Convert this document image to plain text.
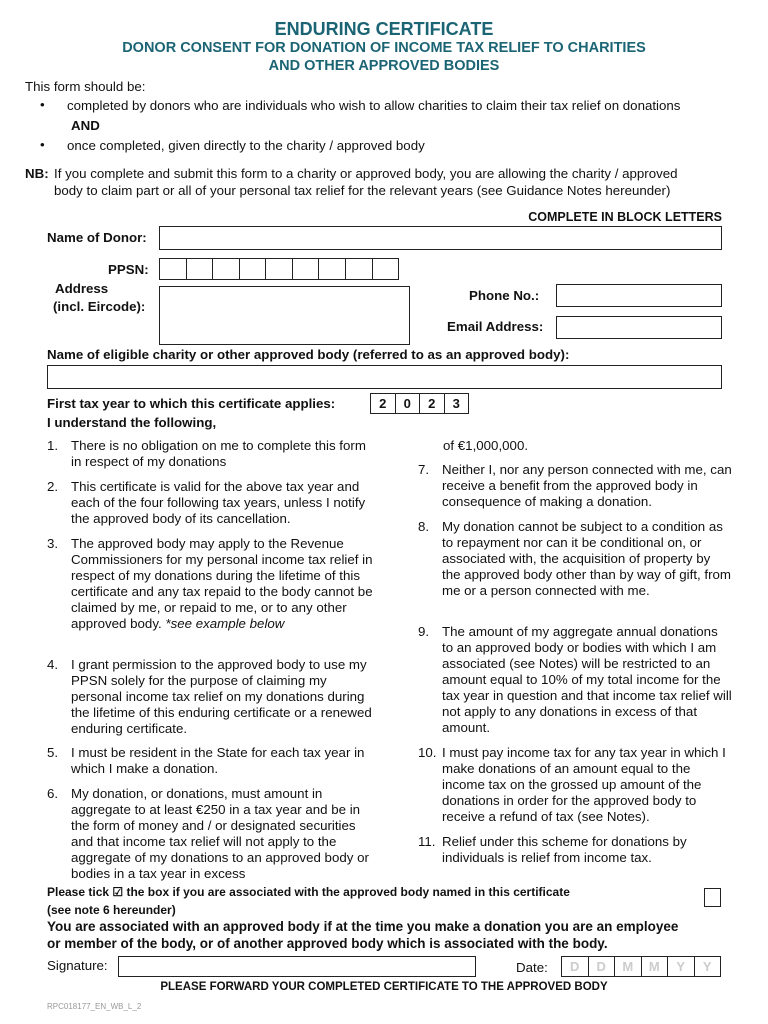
ENDURING CERTIFICATE
DONOR CONSENT FOR DONATION OF INCOME TAX RELIEF TO CHARITIES
AND OTHER APPROVED BODIES
This form should be:
• completed by donors who are individuals who wish to allow charities to claim their tax relief on donations
AND
• once completed, given directly to the charity / approved body
NB: If you complete and submit this form to a charity or approved body, you are allowing the charity / approved
body to claim part or all of your personal tax relief for the relevant years (see Guidance Notes hereunder)
COMPLETE IN BLOCK LETTERS
Name of Donor:
PPSN:
Address
(incl. Eircode):
Phone No.:
Email Address:
Name of eligible charity or other approved body (referred to as an approved body):
First tax year to which this certificate applies:	2	0	2	3
I understand the following,
1. There is no obligation on me to complete this form in respect of my donations
2. This certificate is valid for the above tax year and each of the four following tax years, unless I notify the approved body of its cancellation.
3. The approved body may apply to the Revenue Commissioners for my personal income tax relief in respect of my donations during the lifetime of this certificate and any tax repaid to the body cannot be claimed by me, or repaid to me, or to any other approved body. *see example below
4. I grant permission to the approved body to use my PPSN solely for the purpose of claiming my personal income tax relief on my donations during the lifetime of this enduring certificate or a renewed enduring certificate.
5. I must be resident in the State for each tax year in which I make a donation.
6. My donation, or donations, must amount in aggregate to at least €250 in a tax year and be in the form of money and / or designated securities and that income tax relief will not apply to the aggregate of my donations to an approved body or bodies in a tax year in excess
of €1,000,000.
7. Neither I, nor any person connected with me, can receive a benefit from the approved body in consequence of making a donation.
8. My donation cannot be subject to a condition as to repayment nor can it be conditional on, or associated with, the acquisition of property by the approved body other than by way of gift, from me or a person connected with me.
9. The amount of my aggregate annual donations to an approved body or bodies with which I am associated (see Notes) will be restricted to an amount equal to 10% of my total income for the tax year in question and that income tax relief will not apply to any donations in excess of that amount.
10. I must pay income tax for any tax year in which I make donations of an amount equal to the income tax on the grossed up amount of the donations in order for the approved body to receive a refund of tax (see Notes).
11. Relief under this scheme for donations by individuals is relief from income tax.
Please tick ☑ the box if you are associated with the approved body named in this certificate
(see note 6 hereunder)
You are associated with an approved body if at the time you make a donation you are an employee
or member of the body, or of another approved body which is associated with the body.
Signature:	Date:	D	D	M	M	Y	Y
PLEASE FORWARD YOUR COMPLETED CERTIFICATE TO THE APPROVED BODY
RPC018177_EN_WB_L_2
